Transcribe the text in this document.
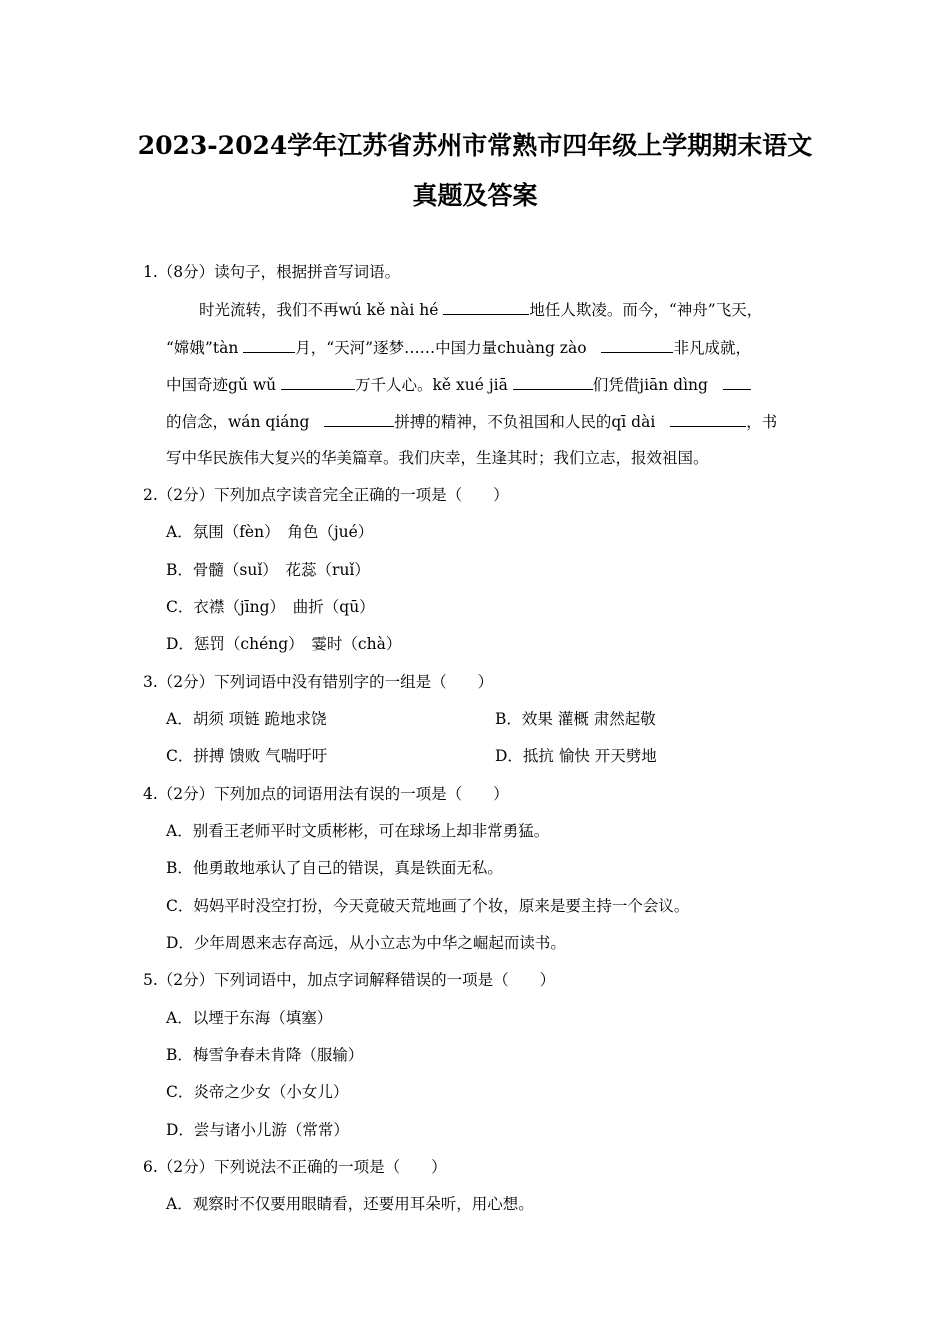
2023-2024学年江苏省苏州市常熟市四年级上学期期末语文
真题及答案
1.（8分）读句子，根据拼音写词语。
时光流转，我们不再wú kě nài hé	地任人欺凌。而今，“神舟”飞天，
“嫦娥”tàn	月，“天河”逐梦……中国力量chuàng zào	非凡成就，
中国奇迹gǔ wǔ	万千人心。kě xué jiā	们凭借jiān dìng
的信念，wán qiáng	拼搏的精神，不负祖国和人民的qī dài	，书
写中华民族伟大复兴的华美篇章。我们庆幸，生逢其时；我们立志，报效祖国。
2.（2分）下列加点字读音完全正确的一项是（　　）
A．氛围（fèn）　角色（jué）
B．骨髓（suǐ）　花蕊（ruǐ）
C．衣襟（jīng）　曲折（qū）
D．惩罚（chéng）　霎时（chà）
3.（2分）下列词语中没有错别字的一组是（　　）
A．胡须 项链 跪地求饶	B．效果 灌概 肃然起敬
C．拼搏 馈败 气喘吁吁	D．抵抗 愉快 开天劈地
4.（2分）下列加点的词语用法有误的一项是（　　）
A．别看王老师平时文质彬彬，可在球场上却非常勇猛。
B．他勇敢地承认了自己的错误，真是铁面无私。
C．妈妈平时没空打扮，今天竟破天荒地画了个妆，原来是要主持一个会议。
D．少年周恩来志存高远，从小立志为中华之崛起而读书。
5.（2分）下列词语中，加点字词解释错误的一项是（　　）
A．以堙于东海（填塞）
B．梅雪争春未肯降（服输）
C．炎帝之少女（小女儿）
D．尝与诸小儿游（常常）
6.（2分）下列说法不正确的一项是（　　）
A．观察时不仅要用眼睛看，还要用耳朵听，用心想。
